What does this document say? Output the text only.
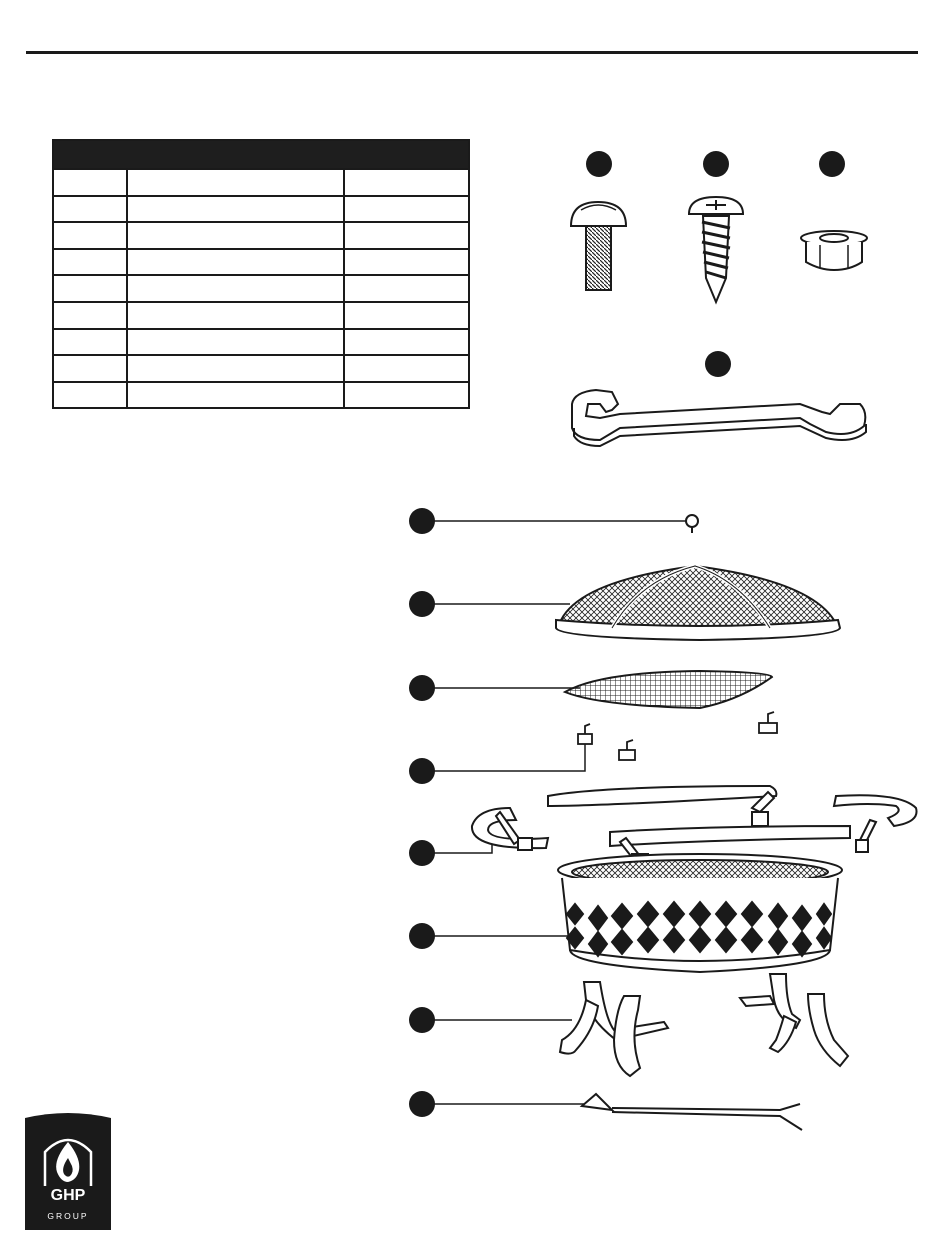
GHP
GROUP
